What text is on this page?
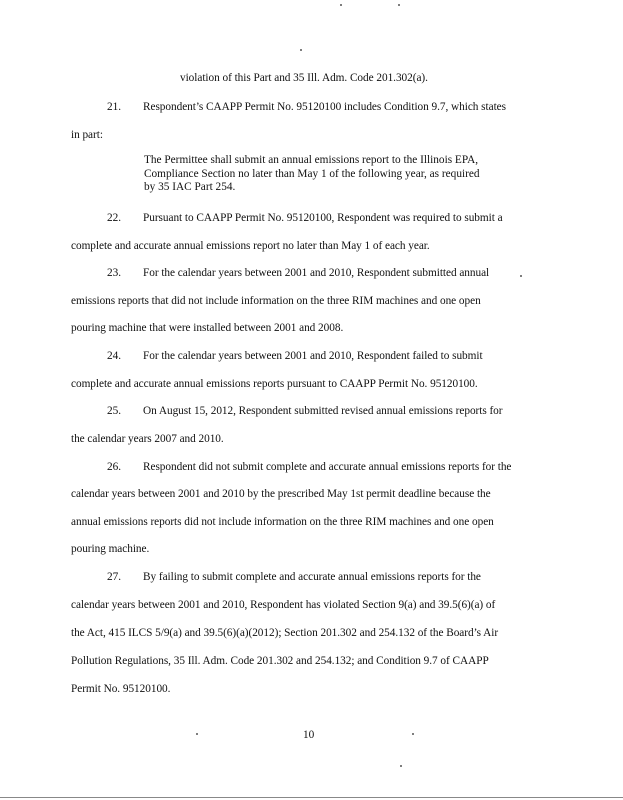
violation of this Part and 35 Ill. Adm. Code 201.302(a).
21. Respondent’s CAAPP Permit No. 95120100 includes Condition 9.7, which states
in part:
The Permittee shall submit an annual emissions report to the Illinois EPA,
Compliance Section no later than May 1 of the following year, as required
by 35 IAC Part 254.
22. Pursuant to CAAPP Permit No. 95120100, Respondent was required to submit a
complete and accurate annual emissions report no later than May 1 of each year.
23. For the calendar years between 2001 and 2010, Respondent submitted annual
emissions reports that did not include information on the three RIM machines and one open
pouring machine that were installed between 2001 and 2008.
24. For the calendar years between 2001 and 2010, Respondent failed to submit
complete and accurate annual emissions reports pursuant to CAAPP Permit No. 95120100.
25. On August 15, 2012, Respondent submitted revised annual emissions reports for
the calendar years 2007 and 2010.
26. Respondent did not submit complete and accurate annual emissions reports for the
calendar years between 2001 and 2010 by the prescribed May 1st permit deadline because the
annual emissions reports did not include information on the three RIM machines and one open
pouring machine.
27. By failing to submit complete and accurate annual emissions reports for the
calendar years between 2001 and 2010, Respondent has violated Section 9(a) and 39.5(6)(a) of
the Act, 415 ILCS 5/9(a) and 39.5(6)(a)(2012); Section 201.302 and 254.132 of the Board’s Air
Pollution Regulations, 35 Ill. Adm. Code 201.302 and 254.132; and Condition 9.7 of CAAPP
Permit No. 95120100.
10
